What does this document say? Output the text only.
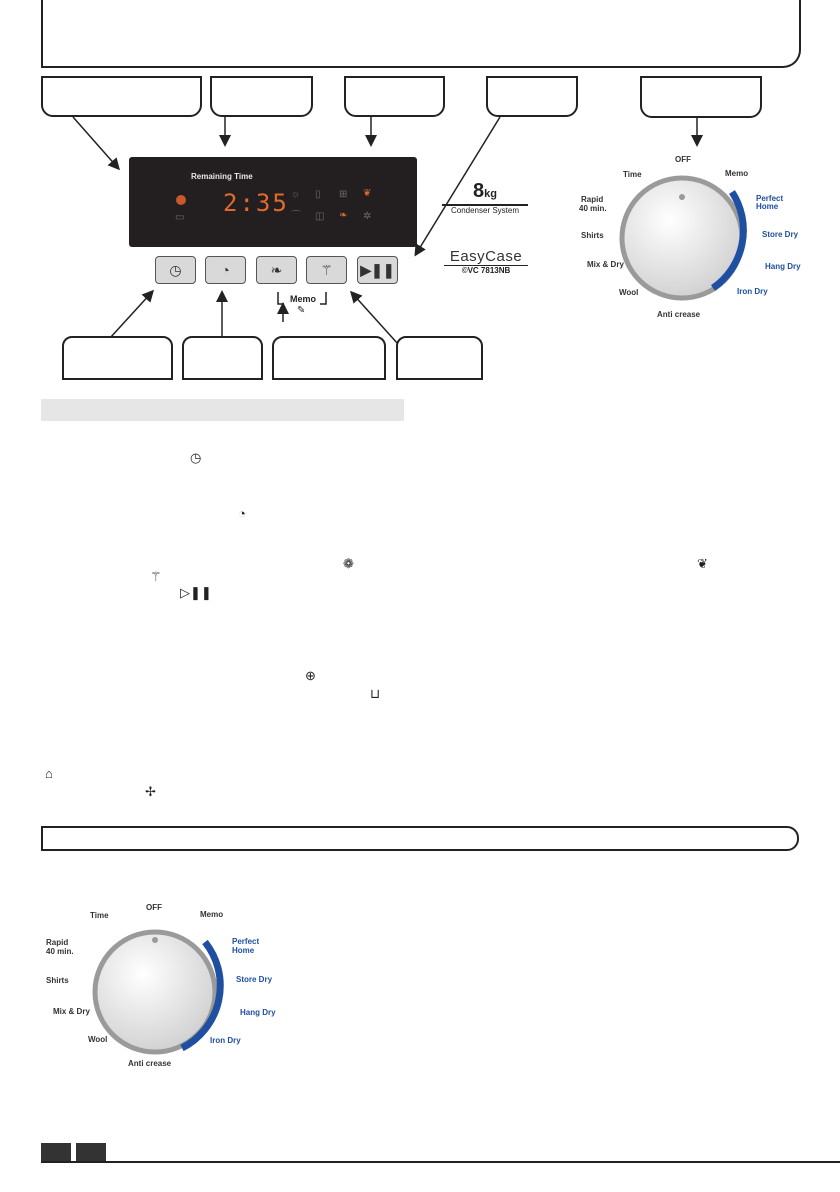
Remaining Time
▭
2:35 ☼ ▯ ⊞ ❦
⌒ ◫ ❧ ✲
◷	◔	❧	⚚ ▶❚❚
Memo
✎
8kg
Condenser System
EasyCase
©VC 7813NB
OFF
Time	Memo
Rapid
40 min.
Shirts
Mix & Dry
Wool
Anti crease
Perfect
Home
Store Dry
Hang Dry
Iron Dry
◷
◔
❁	❦
⚚
▷❚❚
⊕
⊔
⌂
✢
OFF
Time	Memo
Rapid
40 min.
Shirts
Mix & Dry
Wool
Anti crease
Perfect
Home
Store Dry
Hang Dry
Iron Dry
